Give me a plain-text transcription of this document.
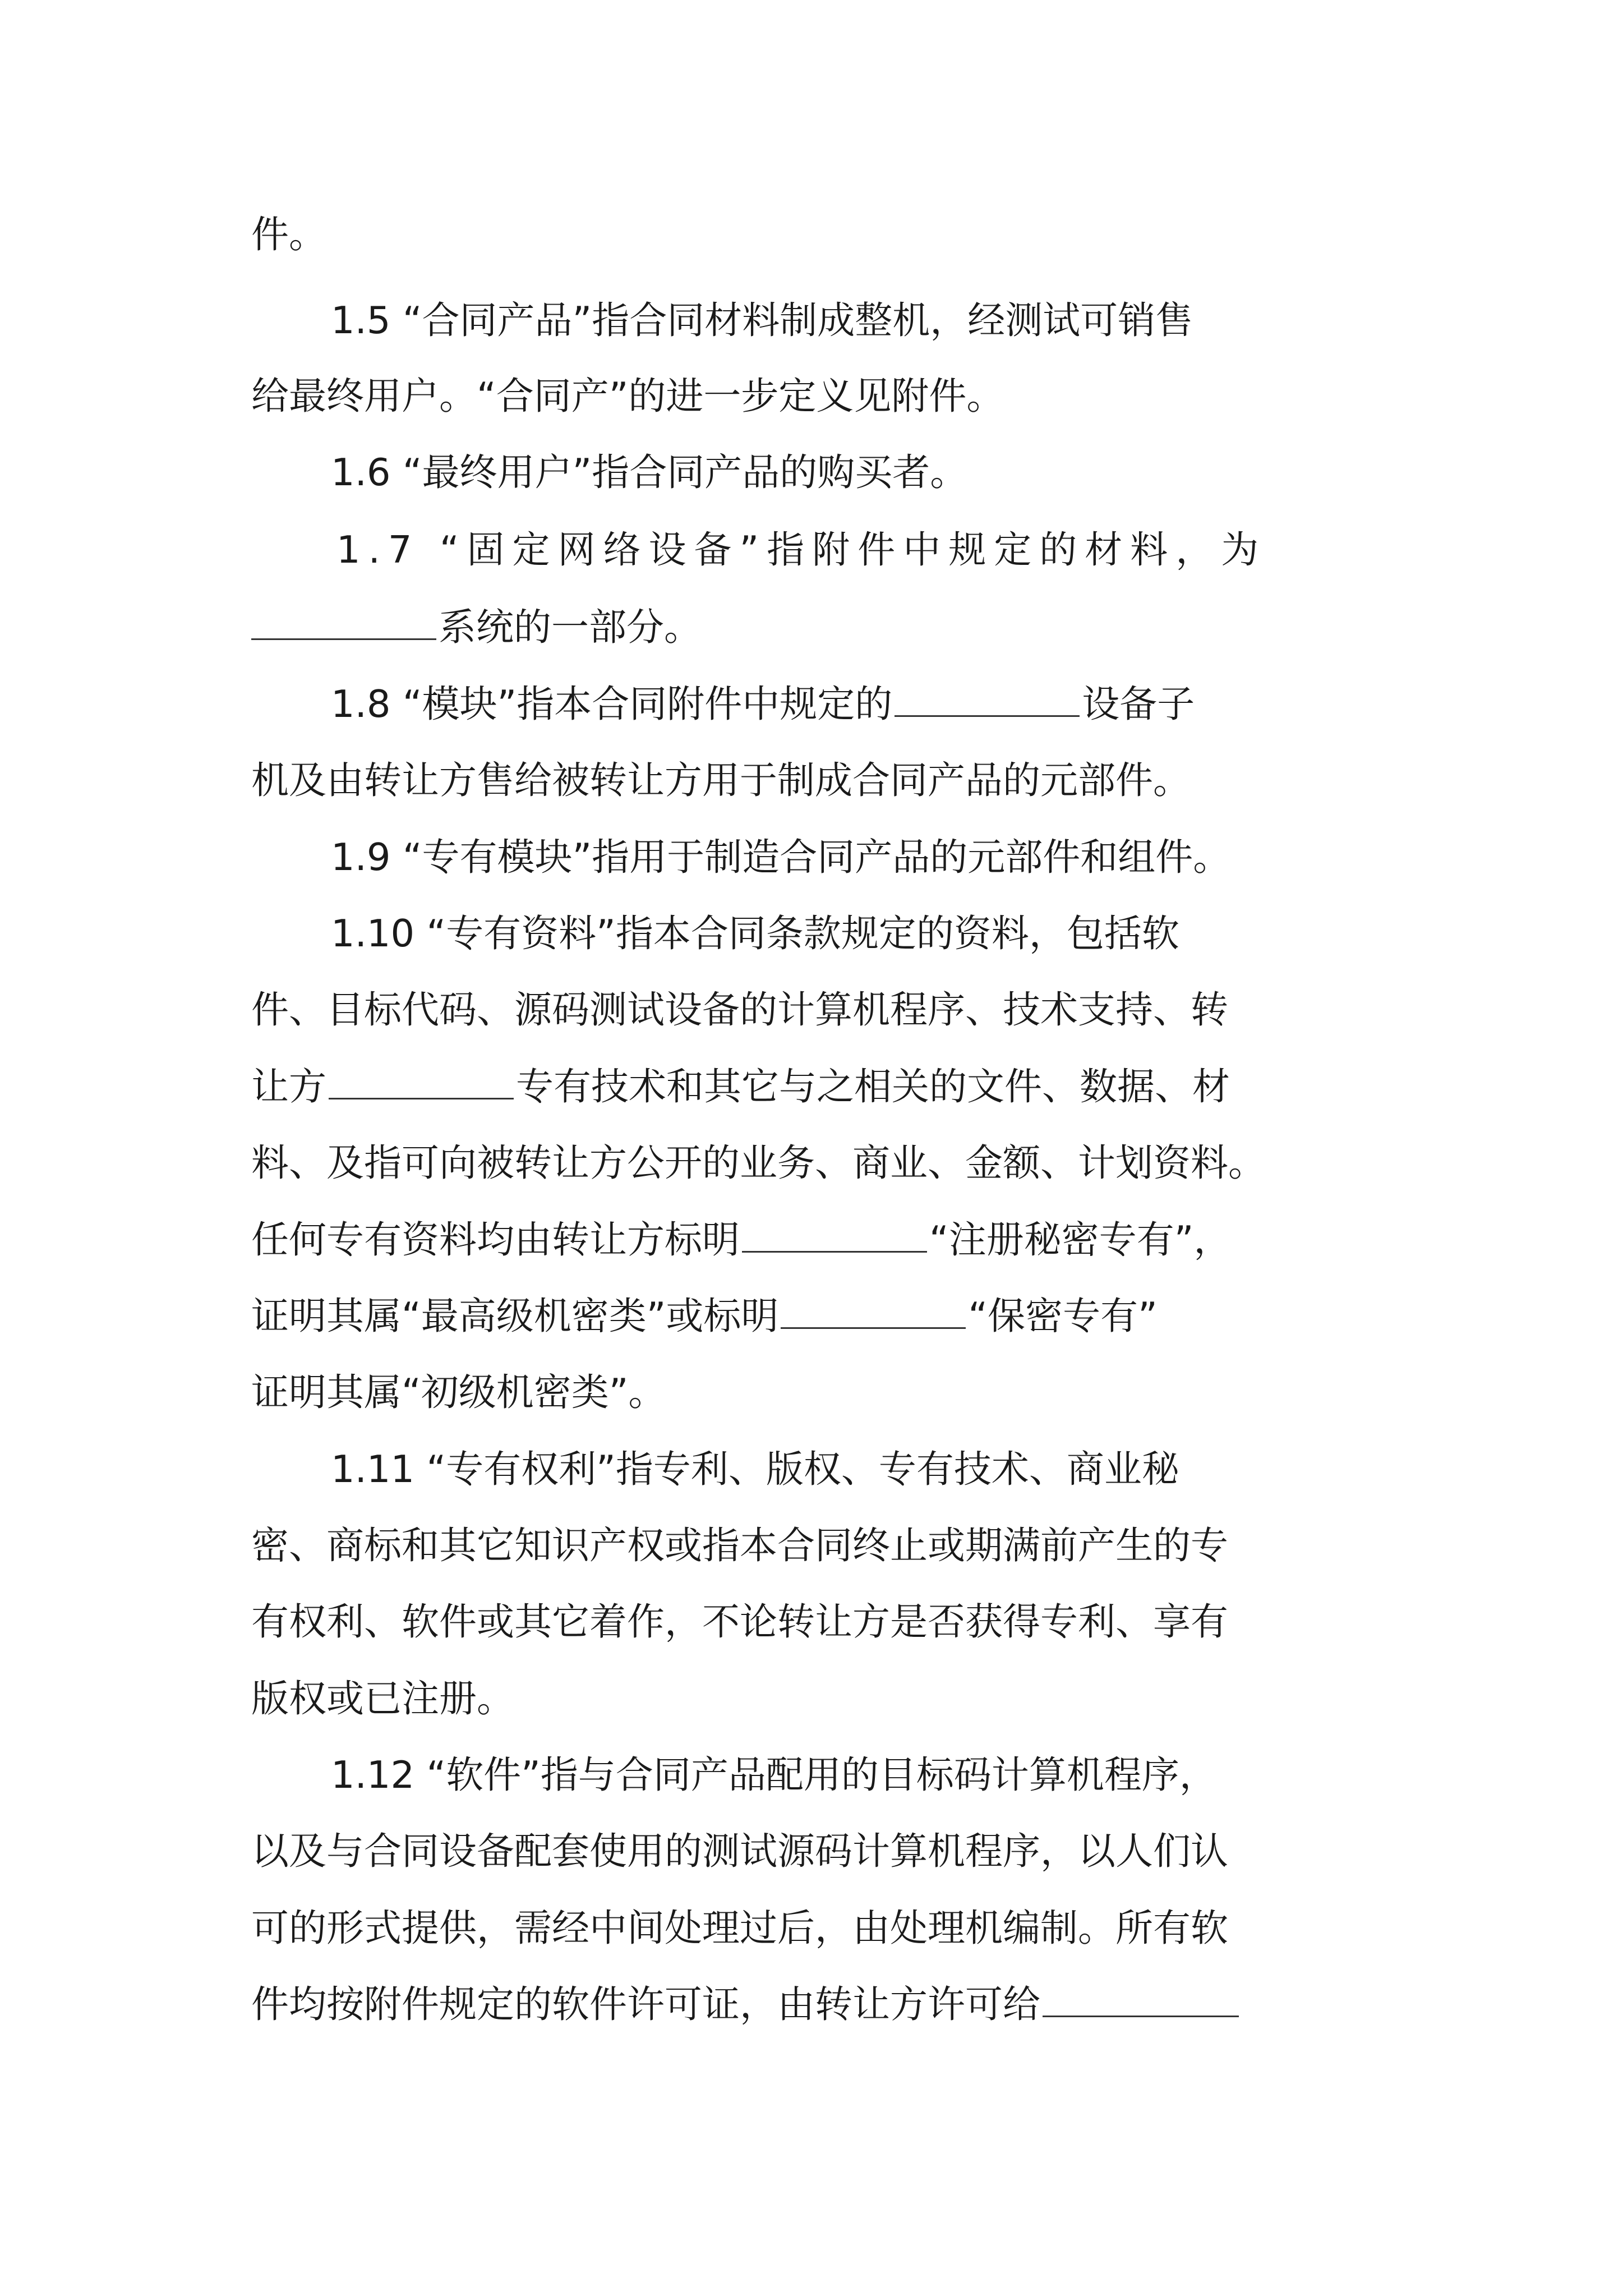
件。
1.5 “合同产品”指合同材料制成整机，经测试可销售
给最终用户。“合同产”的进一步定义见附件。
1.6 “最终用户”指合同产品的购买者。
1.7 “固定网络设备”指附件中规定的材料，为
系统的一部分。
1.8 “模块”指本合同附件中规定的	设备子
机及由转让方售给被转让方用于制成合同产品的元部件。
1.9 “专有模块”指用于制造合同产品的元部件和组件。
1.10 “专有资料”指本合同条款规定的资料，包括软
件、目标代码、源码测试设备的计算机程序、技术支持、转
让方	专有技术和其它与之相关的文件、数据、材
料、及指可向被转让方公开的业务、商业、金额、计划资料。
任何专有资料均由转让方标明	“注册秘密专有”，
证明其属“最高级机密类”或标明	“保密专有”
证明其属“初级机密类”。
1.11 “专有权利”指专利、版权、专有技术、商业秘
密、商标和其它知识产权或指本合同终止或期满前产生的专
有权利、软件或其它着作，不论转让方是否获得专利、享有
版权或已注册。
1.12 “软件”指与合同产品配用的目标码计算机程序，
以及与合同设备配套使用的测试源码计算机程序，以人们认
可的形式提供，需经中间处理过后，由处理机编制。所有软
件均按附件规定的软件许可证，由转让方许可给
